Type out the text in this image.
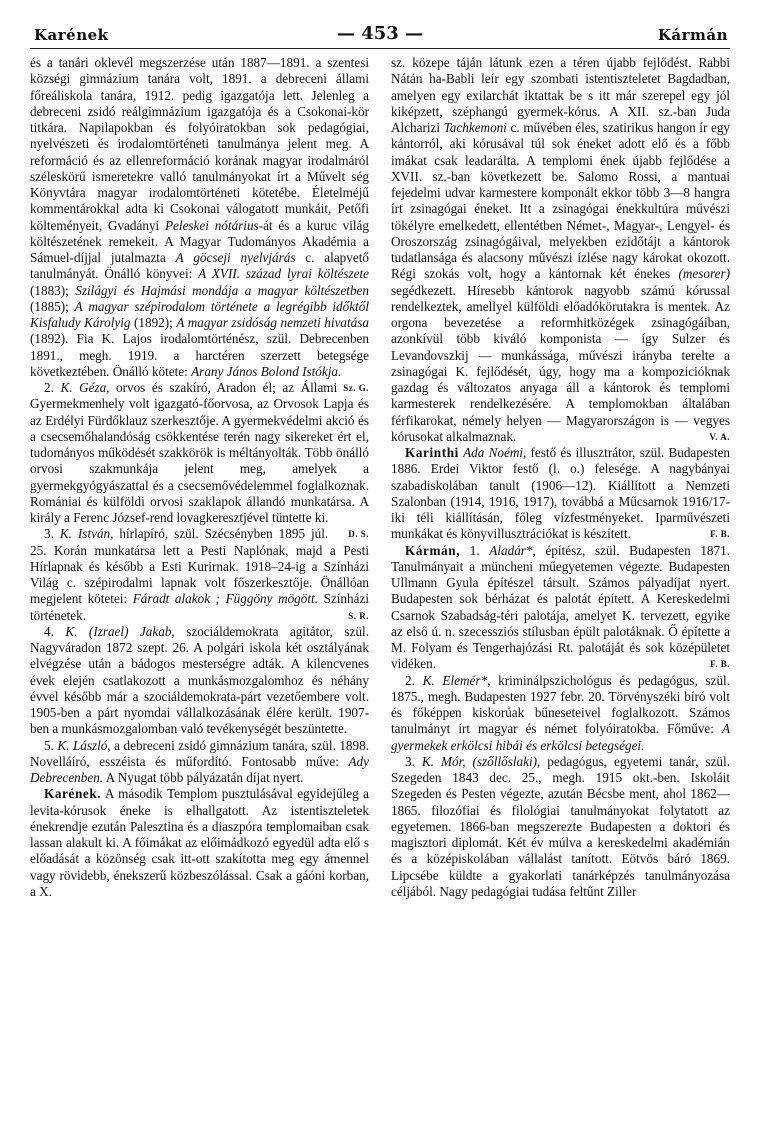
Karének	— 453 —	Kármán

és a tanári oklevél megszerzése után 1887—1891. a szentesi községi gimnázium tanára volt, 1891. a debreceni állami főreáliskola tanára, 1912. pedig igazgatója lett. Jelenleg a debreceni zsidó reálgimnázium igazgatója és a Csokonai-kör titkára. Napilapokban és folyóiratokban sok pedagógiai, nyelvészeti és irodalomtörténeti tanulmánya jelent meg. A reformáció és az ellenreformáció korának magyar irodalmáról széleskörű ismeretekre valló tanulmányokat írt a Művelt ség Könyvtára magyar irodalomtörténeti kötetébe. Életelméjű kommentárokkal adta ki Csokonai válogatott munkáit, Petőfi költeményeit, Gvadányi Peleskei nótárius-át és a kuruc világ költészetének remekeit. A Magyar Tudományos Akadémia a Sámuel-díjjal jutalmazta A göcseji nyelvjárás c. alapvető tanulmányát. Önálló könyvei: A XVII. század lyrai költészete (1883); Szilágyi és Hajmási mondája a magyar költészetben (1885); A magyar szépirodalom története a legrégibb időktől Kisfaludy Károlyig (1892); A magyar zsidóság nemzeti hivatása (1892). Fia K. Lajos irodalomtörténész, szül. Debrecenben 1891., megh. 1919. a harctéren szerzett betegsége következtében. Önálló kötete: Arany János Bolond Istókja.
Sz. G.

2. K. Géza, orvos és szakíró, Aradon él; az Állami Gyermekmenhely volt igazgató-főorvosa, az Orvosok Lapja és az Erdélyi Fürdőklauz szerkesztője. A gyermekvédelmi akció és a csecsemőhalandóság csökkentése terén nagy sikereket ért el, tudományos működését szakkörök is méltányolták. Több önálló orvosi szakmunkája jelent meg, amelyek a gyermekgyógyászattal és a csecsemővédelemmel foglalkoznak. Romániai és külföldi orvosi szaklapok állandó munkatársa. A király a Ferenc József-rend lovagkeresztjével tüntette ki.
D. S.

3. K. István, hírlapíró, szül. Szécsényben 1895 júl. 25. Korán munkatársa lett a Pesti Naplónak, majd a Pesti Hírlapnak és később a Esti Kurirnak. 1918–24-ig a Színházi Világ c. szépirodalmi lapnak volt főszerkesztője. Önállóan megjelent kötetei: Fáradt alakok ; Függöny mögött. Színházi történetek.	S. R.

4. K. (Izrael) Jakab, szociáldemokrata agitátor, szül. Nagyváradon 1872 szept. 26. A polgári iskola két osztályának elvégzése után a bádogos mesterségre adták. A kilencvenes évek elején csatlakozott a munkásmozgalomhoz és néhány évvel később már a szociáldemokrata-párt vezetőembere volt. 1905-ben a párt nyomdai vállalkozásának élére került. 1907-ben a munkásmozgalomban való tevékenységét beszüntette.

5. K. László, a debreceni zsidó gimnázium tanára, szül. 1898. Novelláíró, esszéista és műfordító. Fontosabb műve: Ady Debrecenben. A Nyugat több pályázatán díjat nyert.

Karének. A második Templom pusztulásával egyidejűleg a levita-kórusok éneke is elhallgatott. Az istentiszteletek énekrendje ezután Palesztina és a diaszpóra templomaiban csak lassan alakult ki. A főimákat az előimádkozó egyedül adta elő s előadását a közönség csak itt-ott szakította meg egy ámennel vagy rövidebb, énekszerű közbeszólással. Csak a gáóni korban, a X.

sz. közepe táján látunk ezen a téren újabb fejlődést. Rabbi Nátán ha-Babli leír egy szombati istentiszteletet Bagdadban, amelyen egy exilarchát iktattak be s itt már szerepel egy jól kiképzett, széphangú gyermek-kórus. A XII. sz.-ban Juda Alcharizi Tachkemoni c. művében éles, szatirikus hangon ír egy kántorról, aki kórusával túl sok éneket adott elő és a főbb imákat csak leadarálta. A templomi ének újabb fejlődése a XVII. sz.-ban következett be. Salomo Rossi, a mantuai fejedelmi udvar karmestere komponált ekkor több 3—8 hangra írt zsinagógai éneket. Itt a zsinagógai énekkultúra művészi tökélyre emelkedett, ellentétben Német-, Magyar-, Lengyel- és Oroszország zsinagógáival, melyekben ezidőtájt a kántorok tudatlansága és alacsony művészi ízlése nagy károkat okozott. Régi szokás volt, hogy a kántornak két énekes (mesorer) segédkezett. Híresebb kántorok nagyobb számú kórussal rendelkeztek, amellyel külföldi előadókörutakra is mentek. Az orgona bevezetése a reformhitközégek zsinagógáiban, azonkívül több kiváló komponista — így Sulzer és Levandovszkij — munkássága, művészi irányba terelte a zsinagógai K. fejlődését, úgy, hogy ma a kompozicióknak gazdag és változatos anyaga áll a kántorok és templomi karmesterek rendelkezésére. A templomokban általában férfikarokat, némely helyen — Magyarországon is — vegyes kórusokat alkalmaznak.	V. A.

Karinthi Ada Noémi, festő és illusztrátor, szül. Budapesten 1886. Erdei Viktor festő (l. o.) felesége. A nagybányai szabadiskolában tanult (1906—12). Kiállított a Nemzeti Szalonban (1914, 1916, 1917), továbbá a Műcsarnok 1916/17-iki téli kiállításán, főleg vízfestményeket. Iparművészeti munkákat és könyvillusztrációkat is készített.	F. B.

Kármán, 1. Aladár*, építész, szül. Budapesten 1871. Tanulmányait a müncheni műegyetemen végezte. Budapesten Ullmann Gyula építészel társult. Számos pályadíjat nyert. Budapesten sok bérházat és palotát épített. A Kereskedelmi Csarnok Szabadság-téri palotája, amelyet K. tervezett, egyike az első ú. n. szecessziós stílusban épült palotáknak. Ő építette a M. Folyam és Tengerhajózási Rt. palotáját és sok középületet vidéken.	F. B.

2. K. Elemér*, kriminálpszichológus és pedagógus, szül. 1875., megh. Budapesten 1927 febr. 20. Törvényszéki bíró volt és főképpen kiskorúak bűneseteivel foglalkozott. Számos tanulmányt írt magyar és német folyóiratokba. Főműve: A gyermekek erkölcsi hibái és erkölcsi betegségei.

3. K. Mór, (szőllőslaki), pedagógus, egyetemi tanár, szül. Szegeden 1843 dec. 25., megh. 1915 okt.-ben. Iskoláit Szegeden és Pesten végezte, azután Bécsbe ment, ahol 1862—1865. filozófiai és filológiai tanulmányokat folytatott az egyetemen. 1866-ban megszerezte Budapesten a doktori és magisztori diplomát. Két év múlva a kereskedelmi akadémián és a középiskolában vállalást tanított. Eötvös báró 1869. Lipcsébe küldte a gyakorlati tanárképzés tanulmányozása céljából. Nagy pedagógiai tudása feltűnt Ziller
